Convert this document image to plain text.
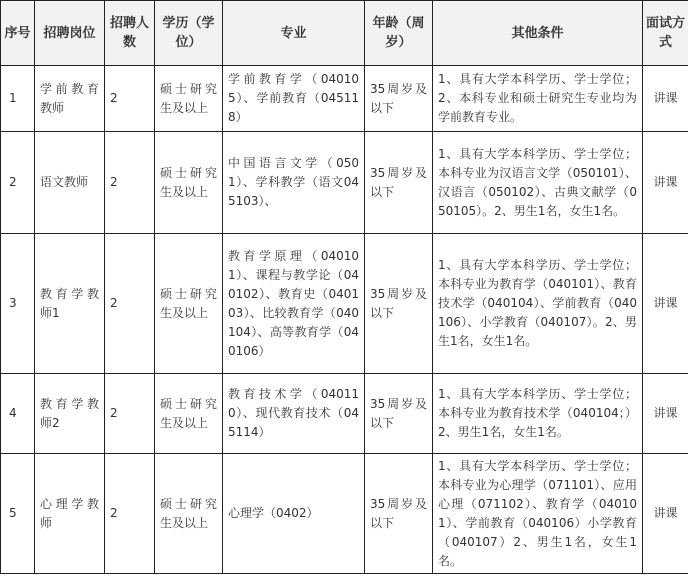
序号	招聘岗位	招聘人数	学历（学位）	专业	年龄（周岁）	其他条件	面试方式
1	学前教育教师	2	硕士研究生及以上	学前教育学（040105）、学前教育（045118）	35周岁及以下	1、具有大学本科学历、学士学位；2、本科专业和硕士研究生专业均为学前教育专业。	讲课
2	语文教师	2	硕士研究生及以上	中国语言文学（0501）、学科教学（语文045103）、	35周岁及以下	1、具有大学本科学历、学士学位；本科专业为汉语言文学（050101）、汉语言（050102）、古典文献学（050105）。2、男生1名，女生1名。	讲课
3	教育学教师1	2	硕士研究生及以上	教育学原理（040101）、课程与教学论（040102）、教育史（040103）、比较教育学（040104）、高等教育学（040106）	35周岁及以下	1、具有大学本科学历、学士学位；本科专业为教育学（040101）、教育技术学（040104）、学前教育（040106）、小学教育（040107）。2、男生1名，女生1名。	讲课
4	教育学教师2	2	硕士研究生及以上	教育技术学（040110）、现代教育技术（045114）	35周岁及以下	1、具有大学本科学历、学士学位；本科专业为教育技术学（040104；）2、男生1名，女生1名。	讲课
5	心理学教师	2	硕士研究生及以上	心理学（0402）	35周岁及以下	1、具有大学本科学历、学士学位；本科专业为心理学（071101）、应用心理（071102）、教育学（040101）、学前教育（040106）小学教育（040107）2、男生1名，女生1名。	讲课
